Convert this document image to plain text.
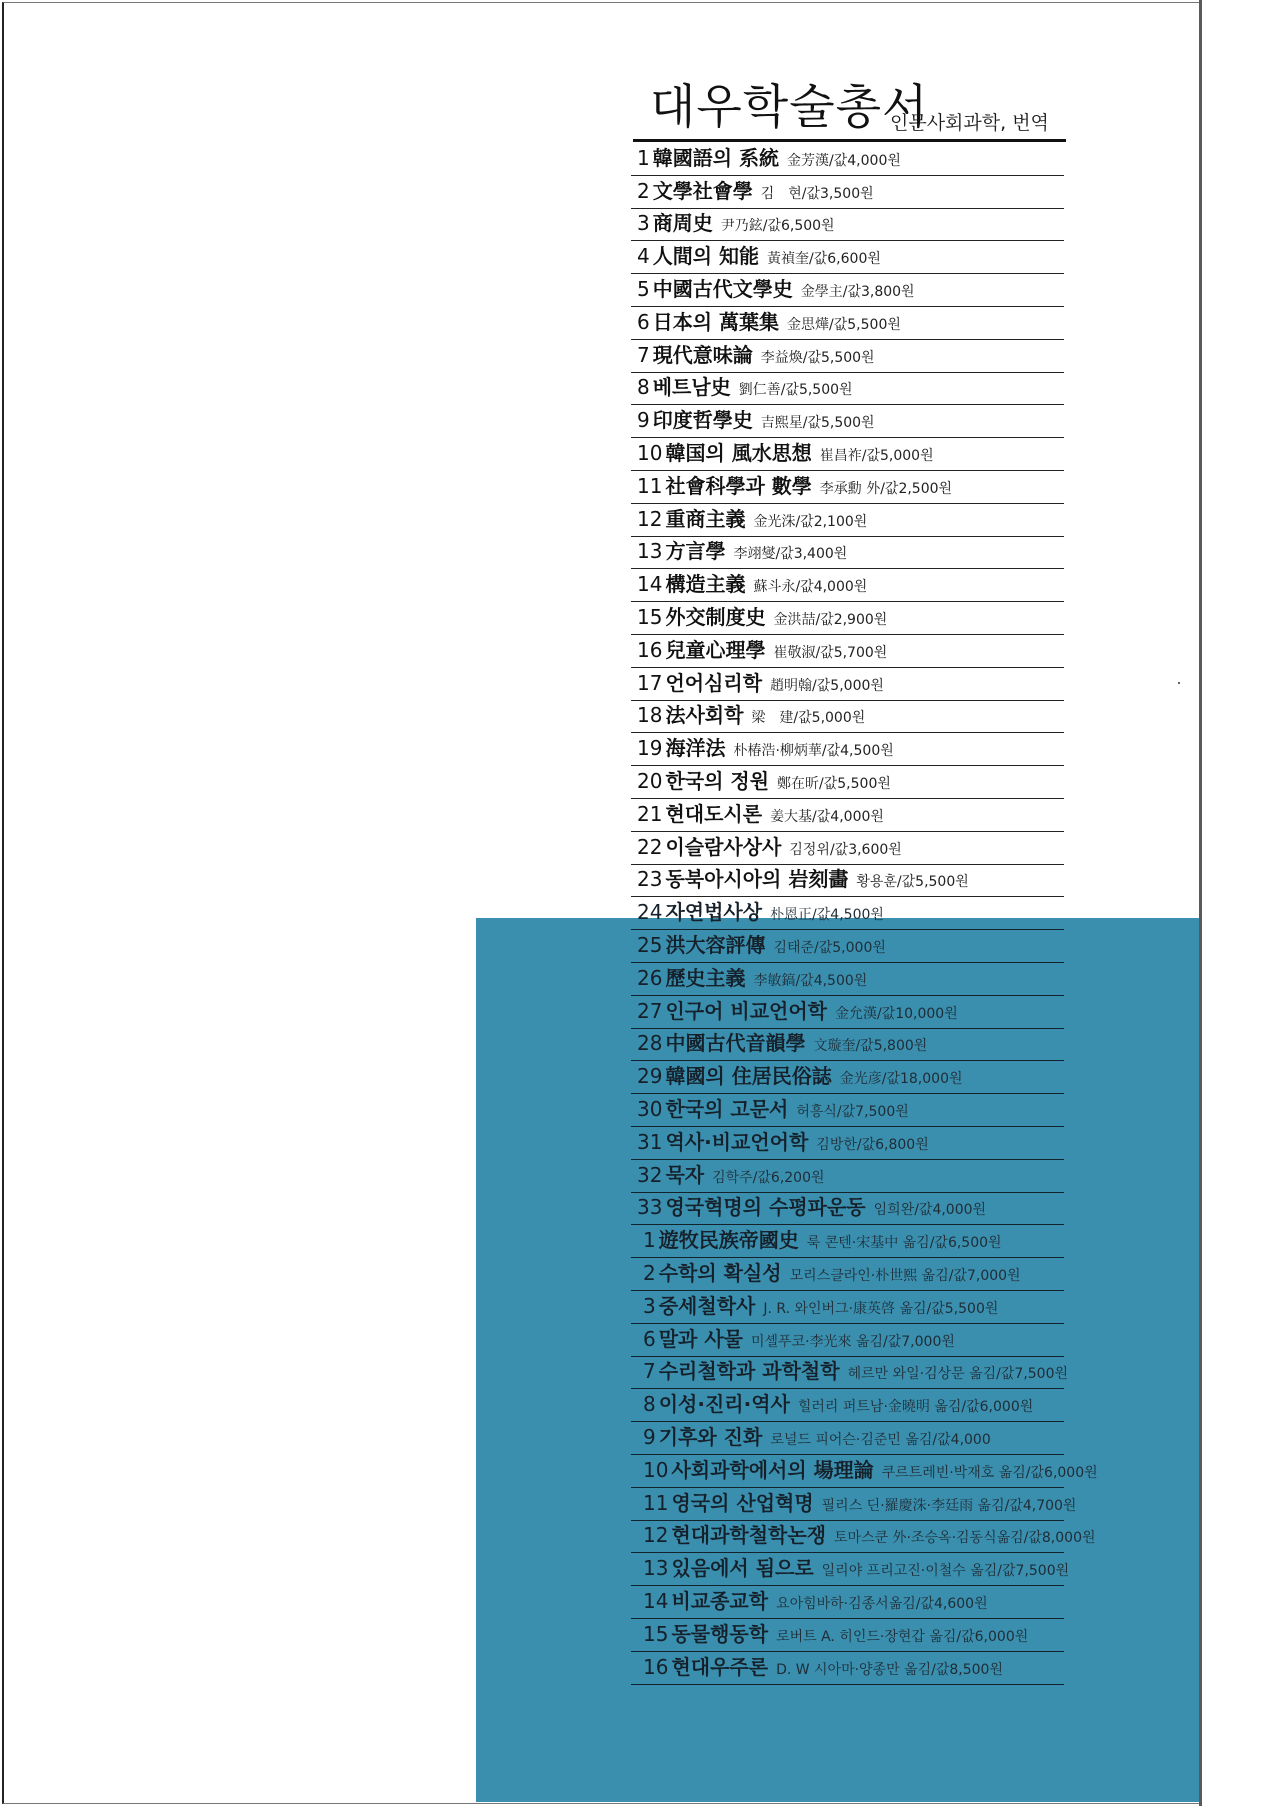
대우학술총서
인문사회과학, 번역
1 韓國語의 系統 金芳漢/값4,000원
2 文學社會學 김　현/값3,500원
3 商周史 尹乃鉉/값6,500원
4 人間의 知能 黃禎奎/값6,600원
5 中國古代文學史 金學主/값3,800원
6 日本의 萬葉集 金思燁/값5,500원
7 現代意味論 李益煥/값5,500원
8 베트남史 劉仁善/값5,500원
9 印度哲學史 吉熙星/값5,500원
10 韓国의 風水思想 崔昌祚/값5,000원
11 社會科學과 數學 李承勳 外/값2,500원
12 重商主義 金光洙/값2,100원
13 方言學 李翊燮/값3,400원
14 構造主義 蘇斗永/값4,000원
15 外交制度史 金洪喆/값2,900원
16 兒童心理學 崔敬淑/값5,700원
17 언어심리학 趙明翰/값5,000원
18 法사회학 梁　建/값5,000원
19 海洋法 朴椿浩·柳炳華/값4,500원
20 한국의 정원 鄭在昕/값5,500원
21 현대도시론 姜大基/값4,000원
22 이슬람사상사 김정위/값3,600원
23 동북아시아의 岩刻畵 황용훈/값5,500원
24 자연법사상 朴恩正/값4,500원
25 洪大容評傳 김태준/값5,000원
26 歷史主義 李敏鎬/값4,500원
27 인구어 비교언어학 金允漢/값10,000원
28 中國古代音韻學 文璇奎/값5,800원
29 韓國의 住居民俗誌 金光彦/값18,000원
30 한국의 고문서 허흥식/값7,500원
31 역사·비교언어학 김방한/값6,800원
32 묵자 김학주/값6,200원
33 영국혁명의 수평파운동 임희완/값4,000원
1 遊牧民族帝國史 룩 콘텐·宋基中 옮김/값6,500원
2 수학의 확실성 모리스클라인·朴世熙 옮김/값7,000원
3 중세철학사 J. R. 와인버그·康英啓 옮김/값5,500원
6 말과 사물 미셸푸코·李光來 옮김/값7,000원
7 수리철학과 과학철학 헤르만 와일·김상문 옮김/값7,500원
8 이성·진리·역사 힐러리 퍼트남·金曉明 옮김/값6,000원
9 기후와 진화 로널드 피어슨·김준민 옮김/값4,000
10 사회과학에서의 場理論 쿠르트레빈·박재호 옮김/값6,000원
11 영국의 산업혁명 필리스 딘·羅慶洙·李廷雨 옮김/값4,700원
12 현대과학철학논쟁 토마스쿤 外·조승옥·김동식옮김/값8,000원
13 있음에서 됨으로 일리야 프리고진·이철수 옮김/값7,500원
14 비교종교학 요아힘바하·김종서옮김/값4,600원
15 동물행동학 로버트 A. 히인드·장현갑 옮김/값6,000원
16 현대우주론 D. W 시아마·양종만 옮김/값8,500원
